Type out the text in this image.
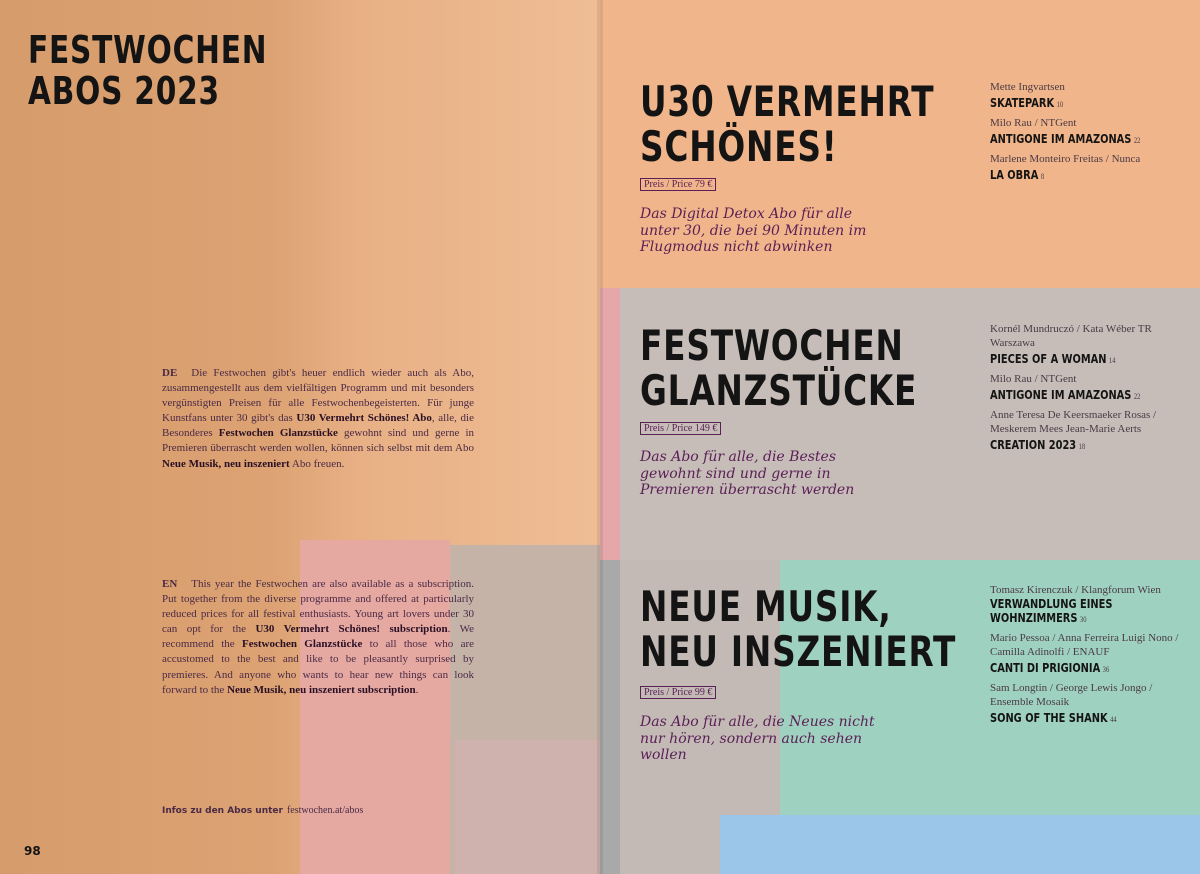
FESTWOCHEN
ABOS 2023
DE Die Festwochen gibt's heuer endlich wieder auch als Abo, zusammengestellt aus dem vielfältigen Programm und mit besonders vergünstigten Preisen für alle Festwochenbegeisterten. Für junge Kunstfans unter 30 gibt's das U30 Vermehrt Schönes! Abo, alle, die Besonderes Festwochen Glanzstücke gewohnt sind und gerne in Premieren überrascht werden wollen, können sich selbst mit dem Abo Neue Musik, neu inszeniert Abo freuen.
EN This year the Festwochen are also available as a subscription. Put together from the diverse programme and offered at particularly reduced prices for all festival enthusiasts. Young art lovers under 30 can opt for the U30 Vermehrt Schönes! subscription. We recommend the Festwochen Glanzstücke to all those who are accustomed to the best and like to be pleasantly surprised by premieres. And anyone who wants to hear new things can look forward to the Neue Musik, neu inszeniert subscription.
Infos zu den Abos unter festwochen.at/abos
98
U30 VERMEHRT
SCHÖNES!
Preis / Price 79 €
Das Digital Detox Abo für alle unter 30, die bei 90 Minuten im Flugmodus nicht abwinken
Mette Ingvartsen
SKATEPARK 10
Milo Rau / NTGent
ANTIGONE IM AMAZONAS 22
Marlene Monteiro Freitas / Nunca
LA OBRA 8
FESTWOCHEN
GLANZSTÜCKE
Preis / Price 149 €
Das Abo für alle, die Bestes gewohnt sind und gerne in Premieren überrascht werden
Kornél Mundruczó / Kata Wéber TR Warszawa
PIECES OF A WOMAN 14
Milo Rau / NTGent
ANTIGONE IM AMAZONAS 22
Anne Teresa De Keersmaeker Rosas / Meskerem Mees Jean-Marie Aerts
CREATION 2023 18
NEUE MUSIK,
NEU INSZENIERT
Preis / Price 99 €
Das Abo für alle, die Neues nicht nur hören, sondern auch sehen wollen
Tomasz Kirenczuk / Klangforum Wien
VERWANDLUNG EINES WOHNZIMMERS 30
Mario Pessoa / Anna Ferreira Luigi Nono / Camilla Adinolfi / ENAUF
CANTI DI PRIGIONIA 36
Sam Longtin / George Lewis Jongo / Ensemble Mosaik
SONG OF THE SHANK 44
